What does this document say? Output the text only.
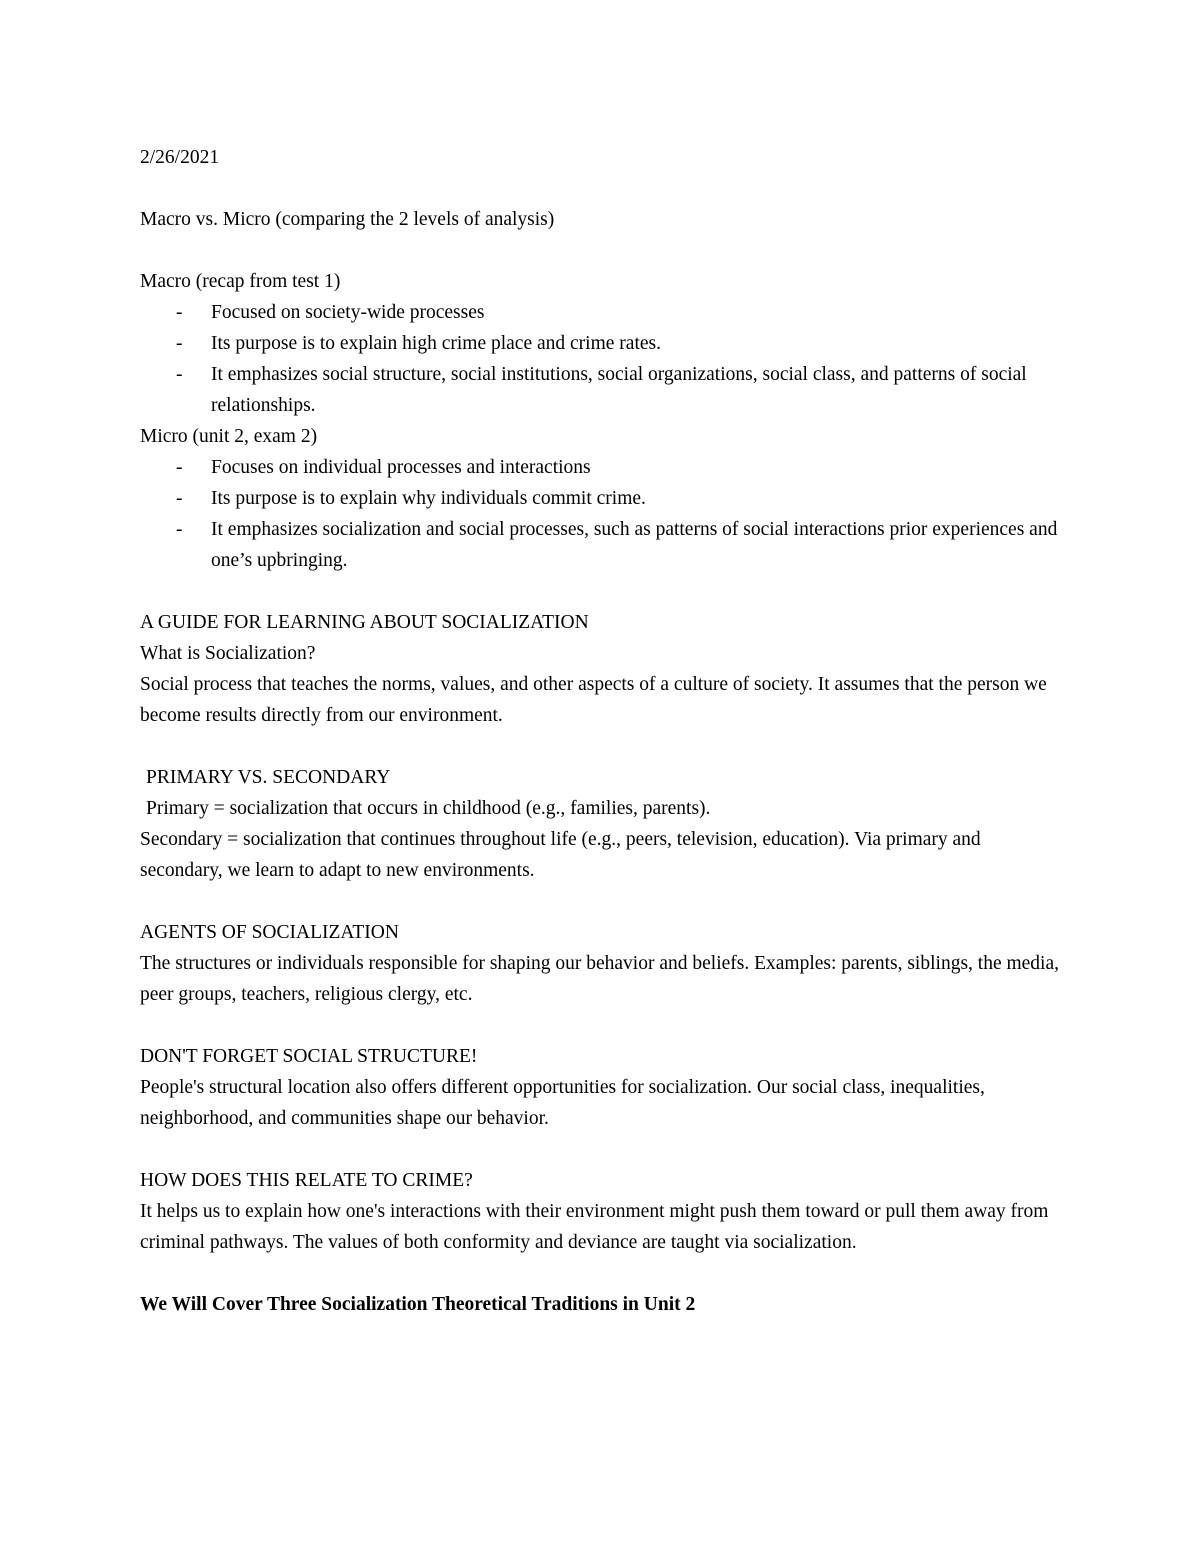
2/26/2021

Macro vs. Micro (comparing the 2 levels of analysis)

Macro (recap from test 1)

- Focused on society-wide processes
- Its purpose is to explain high crime place and crime rates.
- It emphasizes social structure, social institutions, social organizations, social class, and patterns of social relationships.

Micro (unit 2, exam 2)

- Focuses on individual processes and interactions
- Its purpose is to explain why individuals commit crime.
- It emphasizes socialization and social processes, such as patterns of social interactions prior experiences and one’s upbringing.

A GUIDE FOR LEARNING ABOUT SOCIALIZATION

What is Socialization?

Social process that teaches the norms, values, and other aspects of a culture of society. It assumes that the person we become results directly from our environment.

PRIMARY VS. SECONDARY

Primary = socialization that occurs in childhood (e.g., families, parents).

Secondary = socialization that continues throughout life (e.g., peers, television, education). Via primary and secondary, we learn to adapt to new environments.

AGENTS OF SOCIALIZATION

The structures or individuals responsible for shaping our behavior and beliefs. Examples: parents, siblings, the media, peer groups, teachers, religious clergy, etc.

DON'T FORGET SOCIAL STRUCTURE!

People's structural location also offers different opportunities for socialization. Our social class, inequalities, neighborhood, and communities shape our behavior.

HOW DOES THIS RELATE TO CRIME?

It helps us to explain how one's interactions with their environment might push them toward or pull them away from criminal pathways. The values of both conformity and deviance are taught via socialization.

We Will Cover Three Socialization Theoretical Traditions in Unit 2
